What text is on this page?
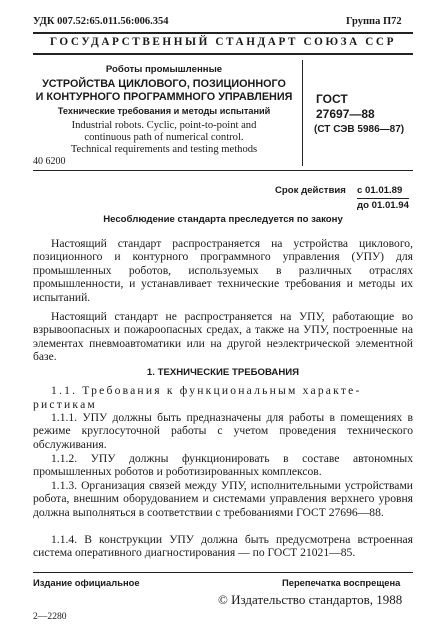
УДК 007.52:65.011.56:006.354	Группа П72
ГОСУДАРСТВЕННЫЙ СТАНДАРТ СОЮЗА ССР
Роботы промышленные
УСТРОЙСТВА ЦИКЛОВОГО, ПОЗИЦИОННОГО
И КОНТУРНОГО ПРОГРАММНОГО УПРАВЛЕНИЯ
Технические требования и методы испытаний
Industrial robots. Cyclic, point-to-point and
continuous path of numerical control.
Technical requirements and testing methods
ГОСТ
27697—88
(СТ СЭВ 5986—87)
40 6200
Срок действия с 01.01.89
до 01.01.94
Несоблюдение стандарта преследуется по закону
Настоящий стандарт распространяется на устройства циклового, позиционного и контурного программного управления (УПУ) для промышленных роботов, используемых в различных отраслях промышленности, и устанавливает технические требования и методы их испытаний.
Настоящий стандарт не распространяется на УПУ, работающие во взрывоопасных и пожароопасных средах, а также на УПУ, построенные на элементах пневмоавтоматики или на другой неэлектрической элементной базе.
1. ТЕХНИЧЕСКИЕ ТРЕБОВАНИЯ
1.1. Требования к функциональным характе-
ристикам
1.1.1. УПУ должны быть предназначены для работы в помещениях в режиме круглосуточной работы с учетом проведения технического обслуживания.
1.1.2. УПУ должны функционировать в составе автономных промышленных роботов и роботизированных комплексов.
1.1.3. Организация связей между УПУ, исполнительными устройствами робота, внешним оборудованием и системами управления верхнего уровня должна выполняться в соответствии с требованиями ГОСТ 27696—88.
1.1.4. В конструкции УПУ должна быть предусмотрена встроенная система оперативного диагностирования — по ГОСТ 21021—85.
Издание официальное	Перепечатка воспрещена
© Издательство стандартов, 1988
2—2280
